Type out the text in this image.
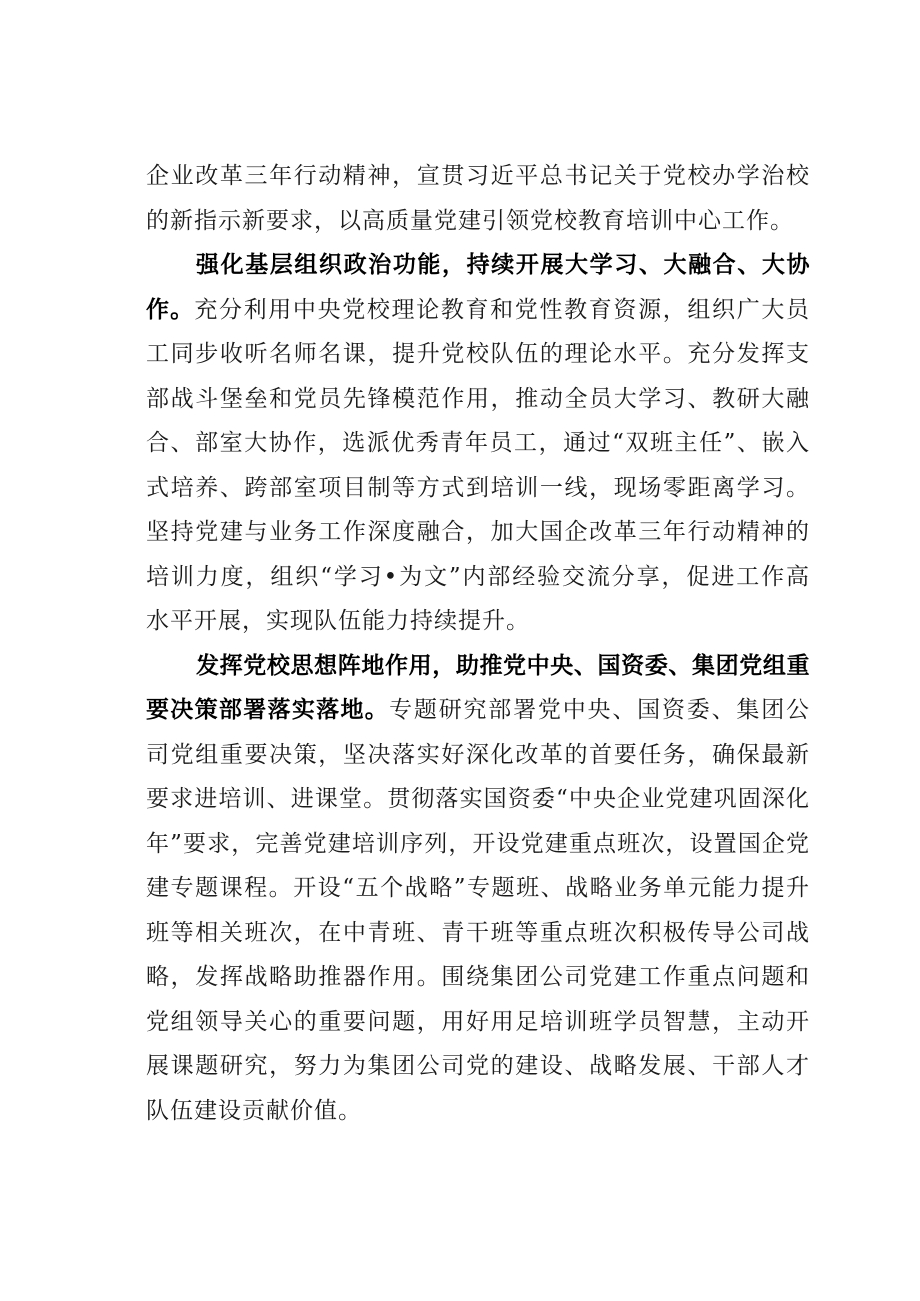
企业改革三年行动精神，宣贯习近平总书记关于党校办学治校的新指示新要求，以高质量党建引领党校教育培训中心工作。

强化基层组织政治功能，持续开展大学习、大融合、大协作。充分利用中央党校理论教育和党性教育资源，组织广大员工同步收听名师名课，提升党校队伍的理论水平。充分发挥支部战斗堡垒和党员先锋模范作用，推动全员大学习、教研大融合、部室大协作，选派优秀青年员工，通过“双班主任”、嵌入式培养、跨部室项目制等方式到培训一线，现场零距离学习。坚持党建与业务工作深度融合，加大国企改革三年行动精神的培训力度，组织“学习•为文”内部经验交流分享，促进工作高水平开展，实现队伍能力持续提升。

发挥党校思想阵地作用，助推党中央、国资委、集团党组重要决策部署落实落地。专题研究部署党中央、国资委、集团公司党组重要决策，坚决落实好深化改革的首要任务，确保最新要求进培训、进课堂。贯彻落实国资委“中央企业党建巩固深化年”要求，完善党建培训序列，开设党建重点班次，设置国企党建专题课程。开设“五个战略”专题班、战略业务单元能力提升班等相关班次，在中青班、青干班等重点班次积极传导公司战略，发挥战略助推器作用。围绕集团公司党建工作重点问题和党组领导关心的重要问题，用好用足培训班学员智慧，主动开展课题研究，努力为集团公司党的建设、战略发展、干部人才队伍建设贡献价值。
